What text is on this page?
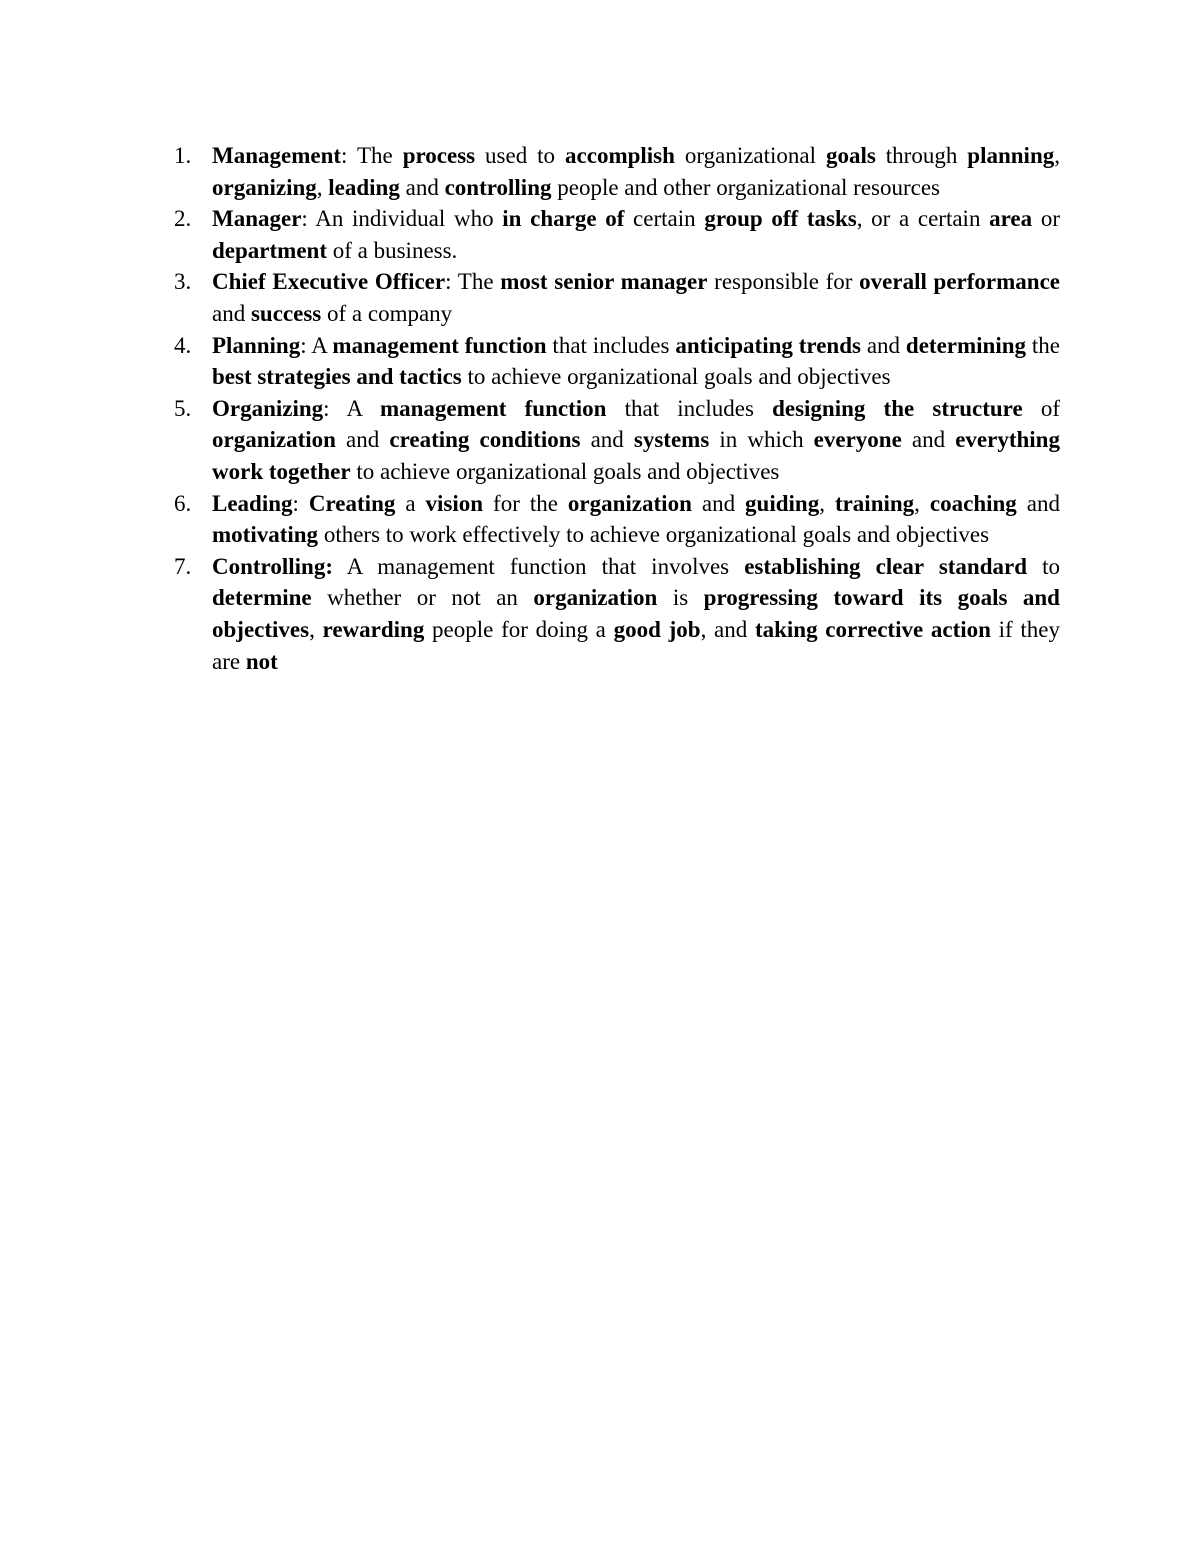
1. Management: The process used to accomplish organizational goals through planning, organizing, leading and controlling people and other organizational resources
2. Manager: An individual who in charge of certain group off tasks, or a certain area or department of a business.
3. Chief Executive Officer: The most senior manager responsible for overall performance and success of a company
4. Planning: A management function that includes anticipating trends and determining the best strategies and tactics to achieve organizational goals and objectives
5. Organizing: A management function that includes designing the structure of organization and creating conditions and systems in which everyone and everything work together to achieve organizational goals and objectives
6. Leading: Creating a vision for the organization and guiding, training, coaching and motivating others to work effectively to achieve organizational goals and objectives
7. Controlling: A management function that involves establishing clear standard to determine whether or not an organization is progressing toward its goals and objectives, rewarding people for doing a good job, and taking corrective action if they are not
